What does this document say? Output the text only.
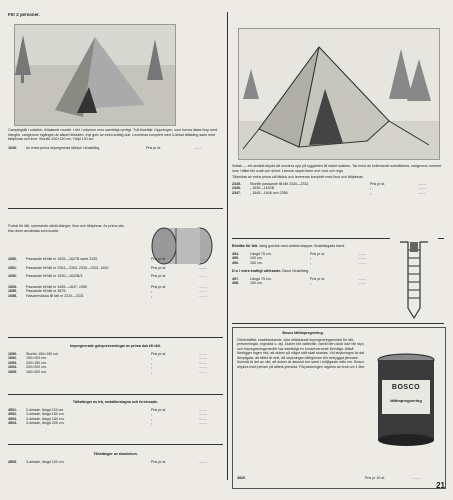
För 2 personer.

Campingtält i snäcker, tilltalande modell. Litet i volymen men samtidigt rymligt. Två bluetäkr i öppningen, som kunna läsas ihop med hängför, varigenom ingången är säkert tillsluten. Inyt golv av extra kraftig duk. Levereras komplett med 3-delad tältstång samt med tältpinnar och linor. Storlek 200×120 cm. Höjd 130 cm.

1640.	Av extra prima impregnerad tältduk i khakifärg.	Pris pr st.	........

Fodral för tält, rymmande såväl stänger, linor och tältpinnar. Av prima väv. Kan även användas som kudde.

1650.	Passande till tält nr 1625—1627B samt 2330.	Pris pr st.	........
1651.	Passande till tält nr 2303—2304, 2330—2332, 1640	Pris pr st.	........
1652.	Passande till tält nr 1630—1632B/3	Pris pr st.	........
1653.	Passande till tält nr 1645—1647, 2350	Pris pr st.	........
1655.	Passande till tält nr 3879,	„	........
1658.	Halvarmväska till tält nr 2310—2331	„	........

Impregnerade golvpresenningar av prima duk till tält.

1690.	Storlek 150×150 cm.	Pris pr st.	........
1692.	150×100 cm.	„	........
1693.	200×150 cm.	„	........
1694.	200×200 cm.	„	........
1695.	180×300 cm.	„	........

Tältstänger av trä, metallbeslagna och fernissade.

4501.	2-delade, längd 115 cm.	Pris pr st.	........
4502.	3-delade, längd 150 cm.	„	........
4503.	3-delade, längd 180 cm.	„	........
4504.	3-delade, längd 205 cm.	„	........

Tältstänger av aluminium.

4505.	3-delade, längd 100 cm.	Pris pr st.	........

Soltak — ett utmärkt skydd att montera upp på ryggdelen till starkt solsken. Tar emot de brännande solstrålarna, varigenom rummet inne i tältet blir svalt och skönt. Lämnar skydd även mot vind och regn.

Tillverkas av extra prima väl tätduk och levereras komplett med linor och tältpinnar.

2345.	Storlek passande till tält 2330—2332	Pris pr st.	........
2346.	„ 1630—1632B	„	........
2347.	„ 1645—1646 och 2356	„	........

Blixtlås för tält. Varig grovlek med dubbla klappar. Khakifärgade band.

494.	Längd 75 cm.	Pris pr st.	........
495.	100 cm.	„	........
496.	150 cm.	„	........

D:o i extra kraftigt utförande. Band i khakifärg.

497.	Längd 75 cm.	Pris pr st.	........
498.	150 cm.	„	........

Bosco tältimpregnering.

Oöverträffat, snabbtorkande, icke ofläckande impregneringsmedel för tält, presenningar, regndisk o. dyl. Duken blir vattentät, varvid den dock icke blir styv, och impregneringsmedlet har samtidigt en konserverande förmåga. Alltså föreligger ingen risk, att duken på något sätt skall skadas. Vid strykningen är det lämpligast, att tältet är rest, då strykningen lättigenom blir betryggat jämnare. Avenså är det av vikt, att duken är absolut torr samt i möjligaste mån ren. Bosco strykes med pensel på tältets ytersida. Förpackningen utgöres av bruk om 1 liter.

BOSCO
tältimpregnering
4520.	Pris pr 10 st.	........
21
